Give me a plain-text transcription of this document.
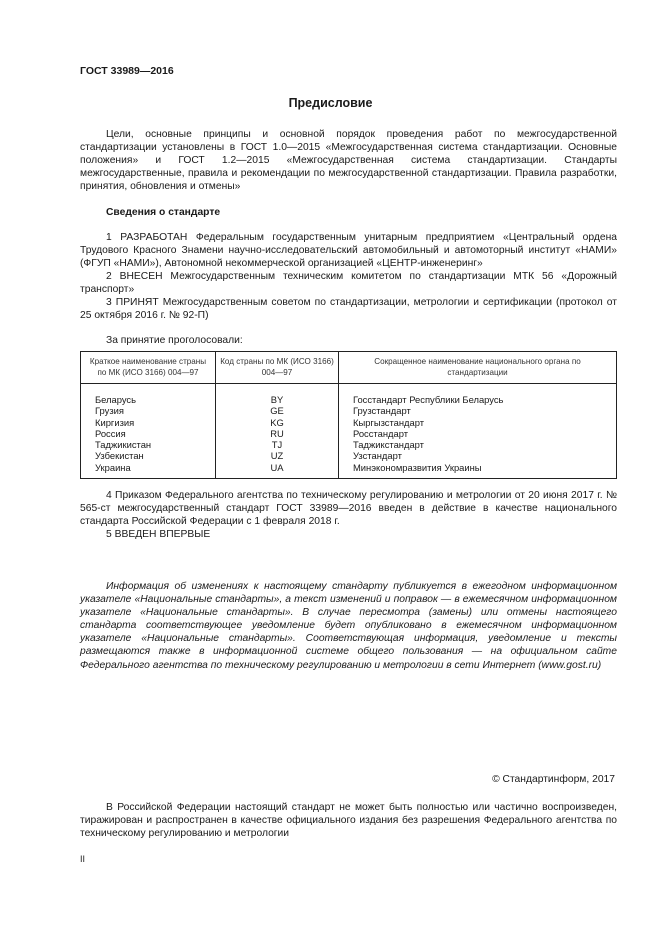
ГОСТ 33989—2016
Предисловие

Цели, основные принципы и основной порядок проведения работ по межгосударственной стандартизации установлены в ГОСТ 1.0—2015 «Межгосударственная система стандартизации. Основные положения» и ГОСТ 1.2—2015 «Межгосударственная система стандартизации. Стандарты межгосударственные, правила и рекомендации по межгосударственной стандартизации. Правила разработки, принятия, обновления и отмены»

Сведения о стандарте

1 РАЗРАБОТАН Федеральным государственным унитарным предприятием «Центральный ордена Трудового Красного Знамени научно-исследовательский автомобильный и автомоторный институт «НАМИ» (ФГУП «НАМИ»), Автономной некоммерческой организацией «ЦЕНТР-инженеринг»

2 ВНЕСЕН Межгосударственным техническим комитетом по стандартизации МТК 56 «Дорожный транспорт»

3 ПРИНЯТ Межгосударственным советом по стандартизации, метрологии и сертификации (протокол от 25 октября 2016 г. № 92-П)

За принятие проголосовали:

Краткое наименование страны по МК (ИСО 3166) 004—97	Код страны по МК (ИСО 3166) 004—97	Сокращенное наименование национального органа по стандартизации
Беларусь	BY	Госстандарт Республики Беларусь
Грузия	GE	Грузстандарт
Киргизия	KG	Кыргызстандарт
Россия	RU	Росстандарт
Таджикистан	TJ	Таджикстандарт
Узбекистан	UZ	Узстандарт
Украина	UA	Минэкономразвития Украины

4 Приказом Федерального агентства по техническому регулированию и метрологии от 20 июня 2017 г. № 565-ст межгосударственный стандарт ГОСТ 33989—2016 введен в действие в качестве национального стандарта Российской Федерации с 1 февраля 2018 г.

5 ВВЕДЕН ВПЕРВЫЕ

Информация об изменениях к настоящему стандарту публикуется в ежегодном информационном указателе «Национальные стандарты», а текст изменений и поправок — в ежемесячном информационном указателе «Национальные стандарты». В случае пересмотра (замены) или отмены настоящего стандарта соответствующее уведомление будет опубликовано в ежемесячном информационном указателе «Национальные стандарты». Соответствующая информация, уведомление и тексты размещаются также в информационной системе общего пользования — на официальном сайте Федерального агентства по техническому регулированию и метрологии в сети Интернет (www.gost.ru)

© Стандартинформ, 2017

В Российской Федерации настоящий стандарт не может быть полностью или частично воспроизведен, тиражирован и распространен в качестве официального издания без разрешения Федерального агентства по техническому регулированию и метрологии

II
